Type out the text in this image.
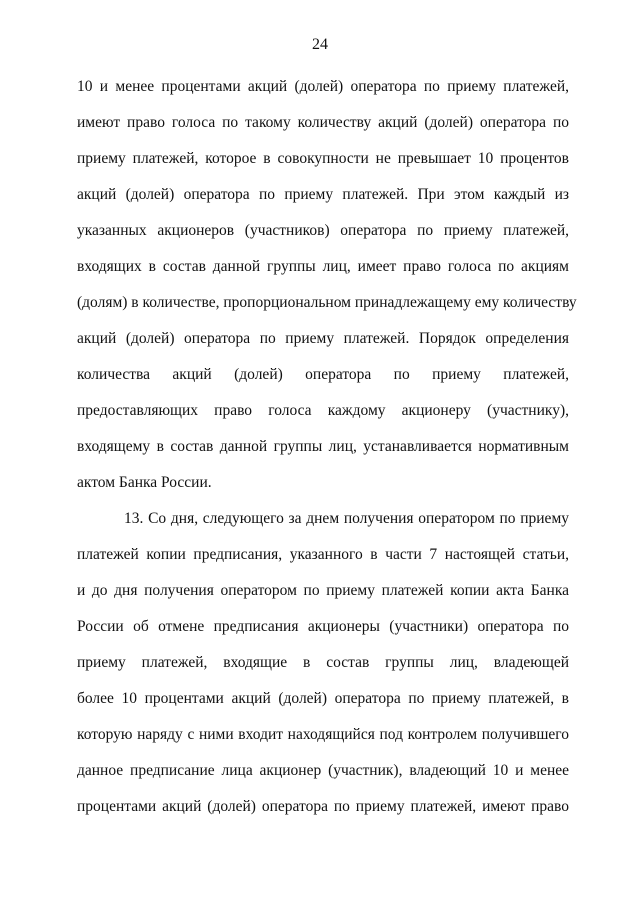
24
10 и менее процентами акций (долей) оператора по приему платежей,
имеют право голоса по такому количеству акций (долей) оператора по
приему платежей, которое в совокупности не превышает 10 процентов
акций (долей) оператора по приему платежей. При этом каждый из
указанных акционеров (участников) оператора по приему платежей,
входящих в состав данной группы лиц, имеет право голоса по акциям
(долям) в количестве, пропорциональном принадлежащему ему количеству
акций (долей) оператора по приему платежей. Порядок определения
количества акций (долей) оператора по приему платежей,
предоставляющих право голоса каждому акционеру (участнику),
входящему в состав данной группы лиц, устанавливается нормативным
актом Банка России.
13. Со дня, следующего за днем получения оператором по приему
платежей копии предписания, указанного в части 7 настоящей статьи,
и до дня получения оператором по приему платежей копии акта Банка
России об отмене предписания акционеры (участники) оператора по
приему платежей, входящие в состав группы лиц, владеющей
более 10 процентами акций (долей) оператора по приему платежей, в
которую наряду с ними входит находящийся под контролем получившего
данное предписание лица акционер (участник), владеющий 10 и менее
процентами акций (долей) оператора по приему платежей, имеют право
